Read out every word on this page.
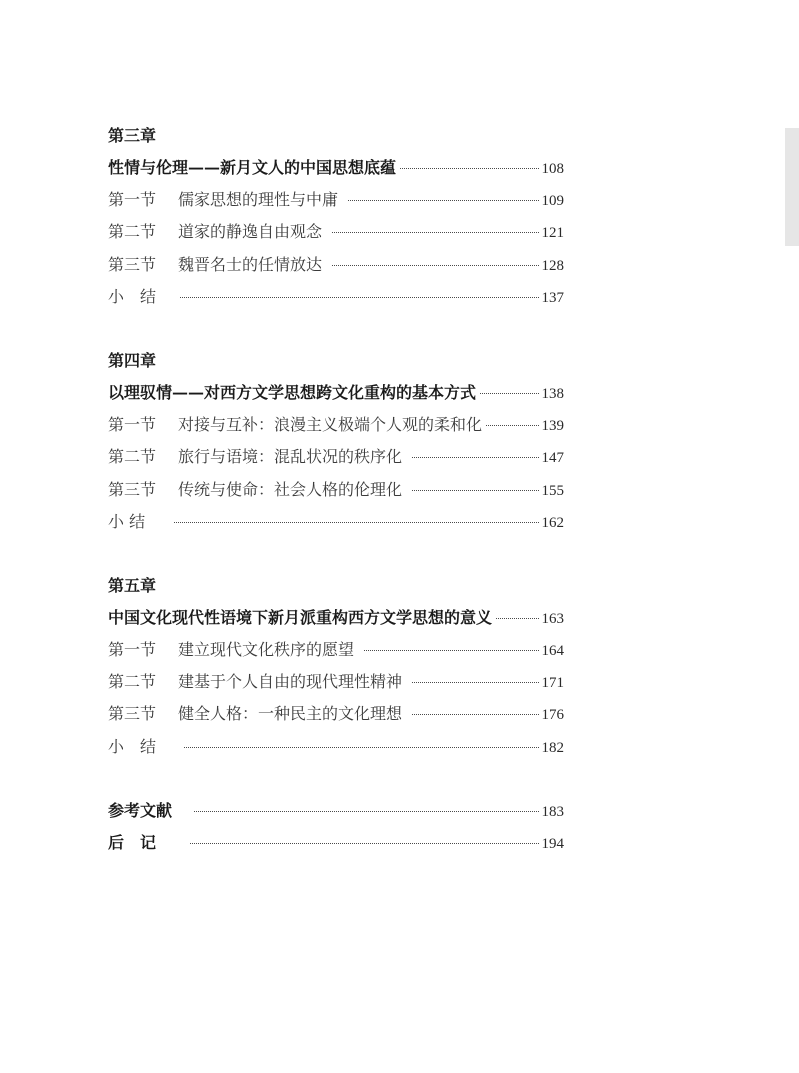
第三章
性情与伦理——新月文人的中国思想底蕴	108
第一节 儒家思想的理性与中庸	109
第二节 道家的静逸自由观念	121
第三节 魏晋名士的任情放达	128
小　结	137
第四章
以理驭情——对西方文学思想跨文化重构的基本方式	138
第一节 对接与互补：浪漫主义极端个人观的柔和化	139
第二节 旅行与语境：混乱状况的秩序化	147
第三节 传统与使命：社会人格的伦理化	155
小 结	162
第五章
中国文化现代性语境下新月派重构西方文学思想的意义	163
第一节 建立现代文化秩序的愿望	164
第二节 建基于个人自由的现代理性精神	171
第三节 健全人格：一种民主的文化理想	176
小　结	182
参考文献	183
后　记	194
